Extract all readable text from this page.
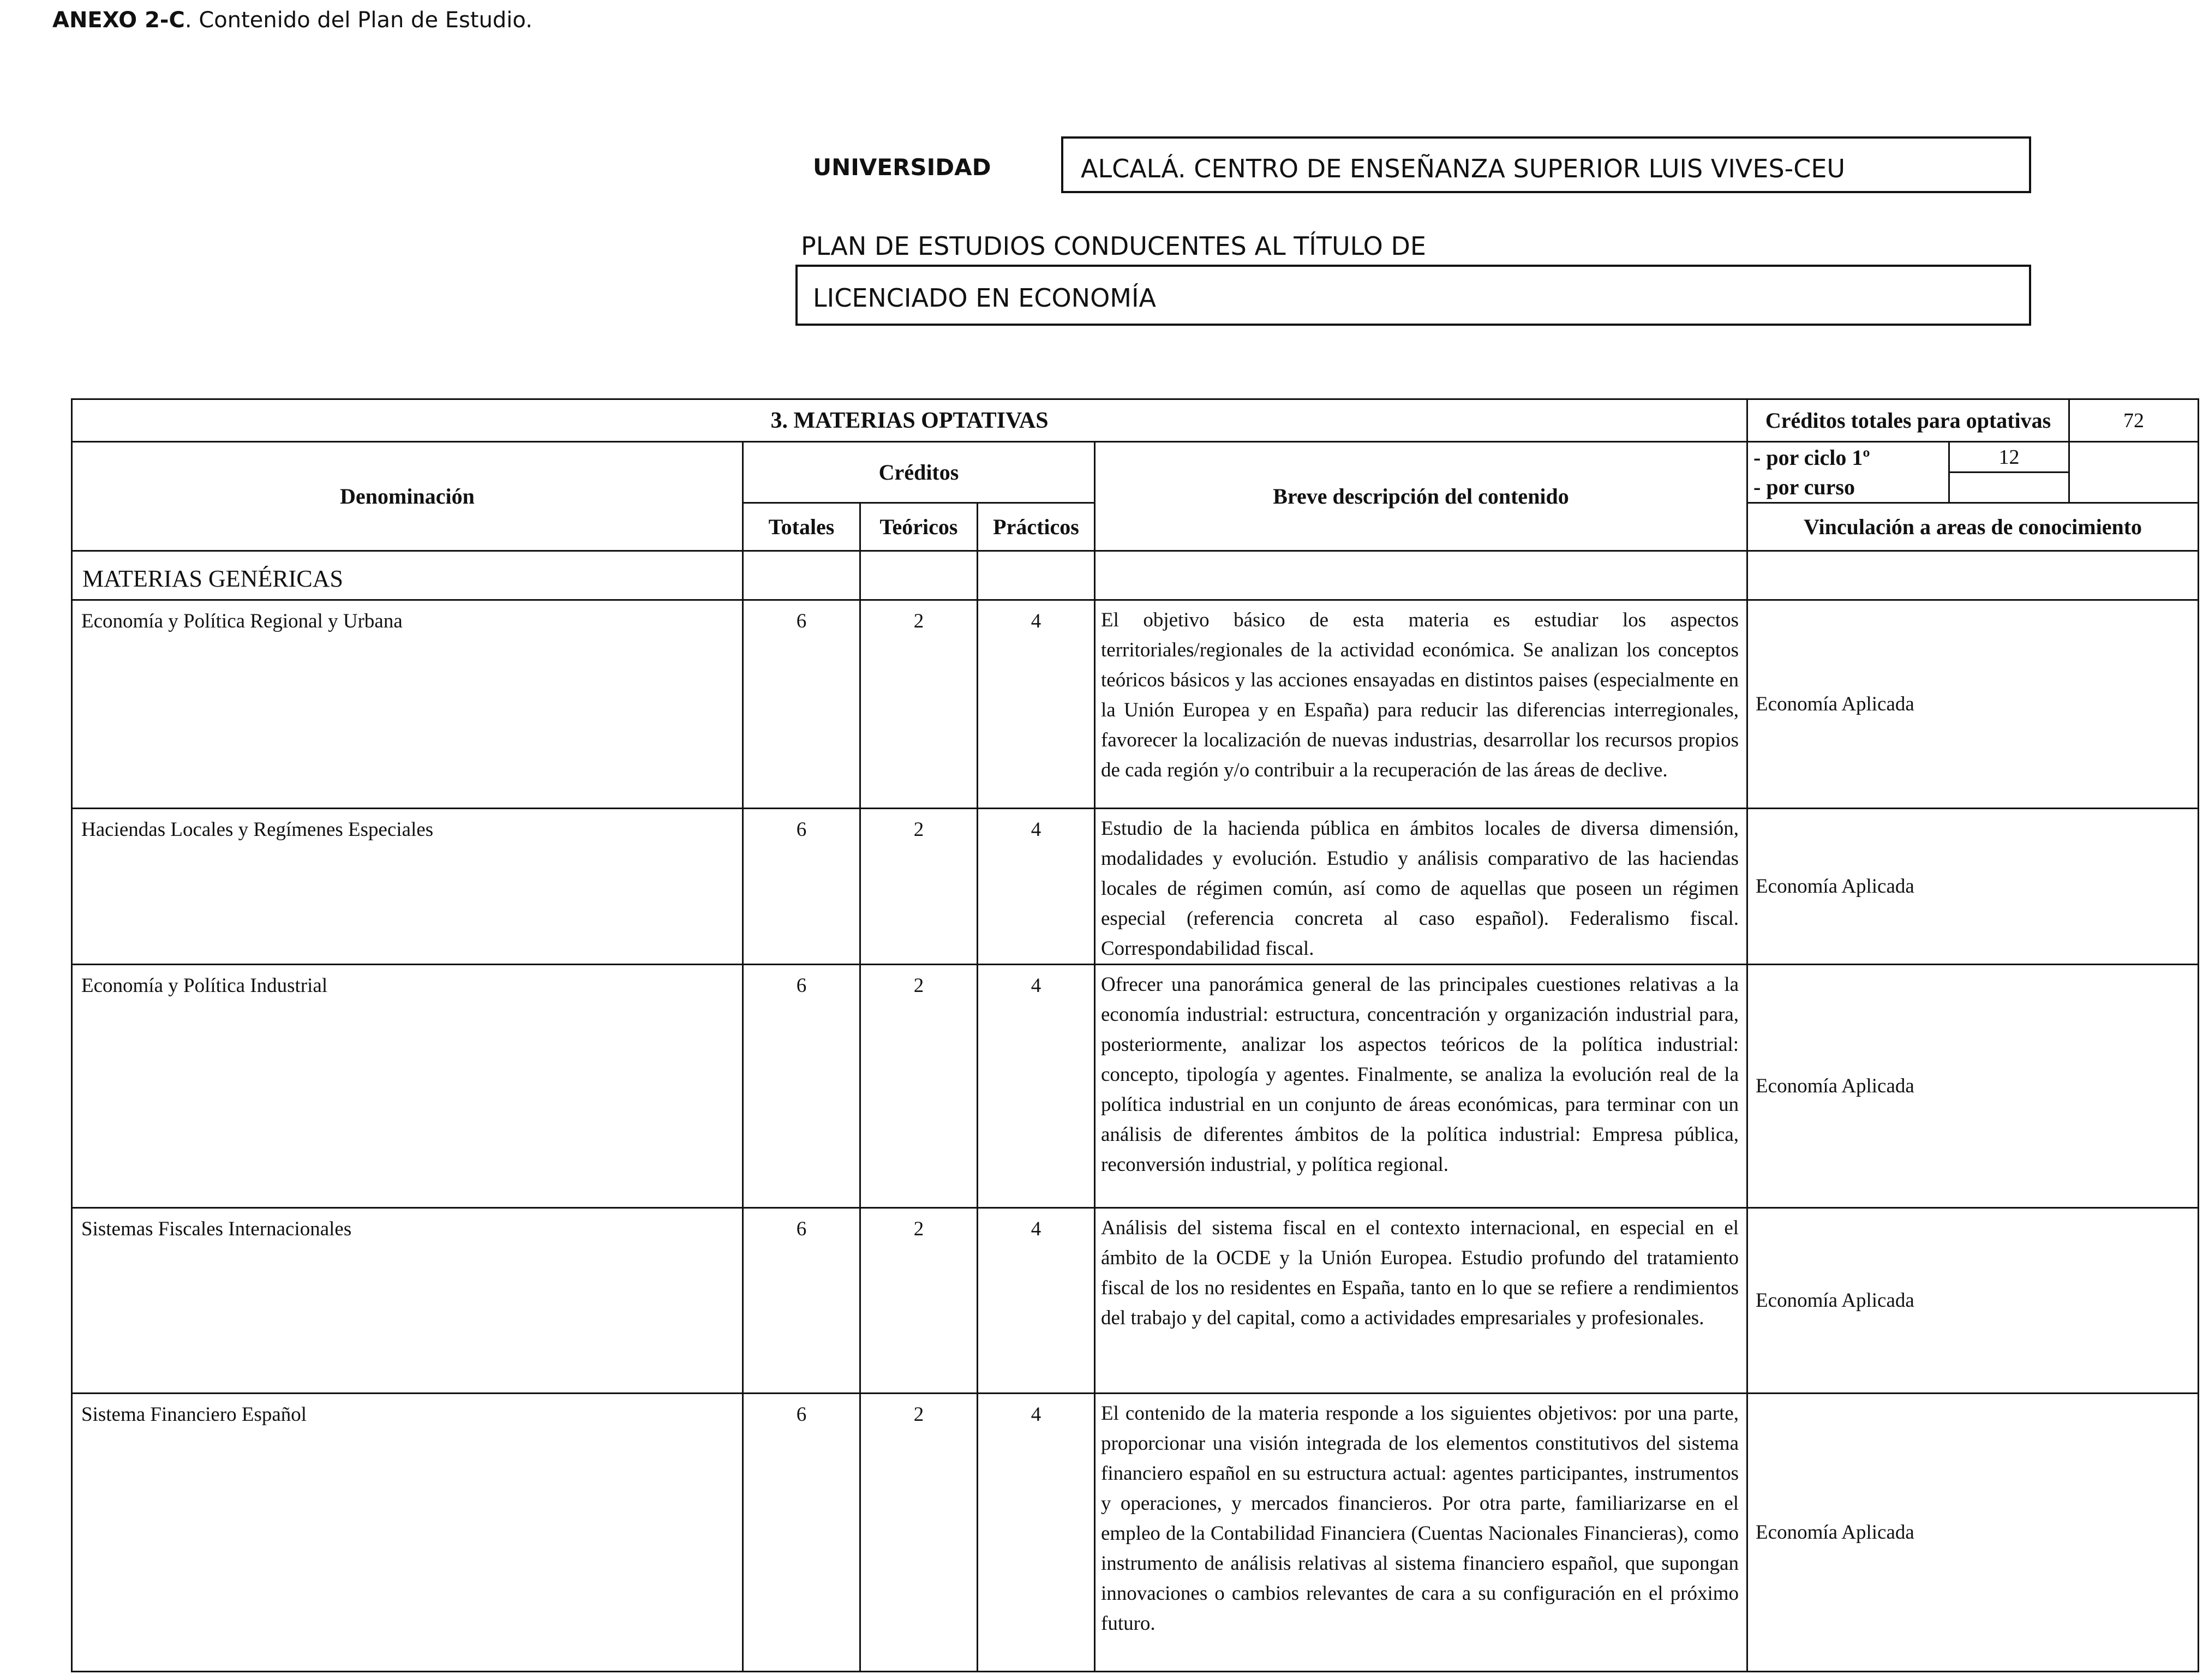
ANEXO 2-C. Contenido del Plan de Estudio.
UNIVERSIDAD	ALCALÁ. CENTRO DE ENSEÑANZA SUPERIOR LUIS VIVES-CEU
PLAN DE ESTUDIOS CONDUCENTES AL TÍTULO DE
LICENCIADO EN ECONOMÍA
3. MATERIAS OPTATIVAS					Créditos totales para optativas		72
Denominación	Créditos			Breve descripción del contenido	- por ciclo 1º	12	
					- por curso		
	Totales	Teóricos	Prácticos		Vinculación a areas de conocimiento		
MATERIAS GENÉRICAS							
Economía y Política Regional y Urbana	6	2	4	El objetivo básico de esta materia es estudiar los aspectos territoriales/regionales de la actividad económica. Se analizan los conceptos teóricos básicos y las acciones ensayadas en distintos paises (especialmente en la Unión Europea y en España) para reducir las diferencias interregionales, favorecer la localización de nuevas industrias, desarrollar los recursos propios de cada región y/o contribuir a la recuperación de las áreas de declive.	Economía Aplicada		
Haciendas Locales y Regímenes Especiales	6	2	4	Estudio de la hacienda pública en ámbitos locales de diversa dimensión, modalidades y evolución. Estudio y análisis comparativo de las haciendas locales de régimen común, así como de aquellas que poseen un régimen especial (referencia concreta al caso español). Federalismo fiscal. Correspondabilidad fiscal.	Economía Aplicada		
Economía y Política Industrial	6	2	4	Ofrecer una panorámica general de las principales cuestiones relativas a la economía industrial: estructura, concentración y organización industrial para, posteriormente, analizar los aspectos teóricos de la política industrial: concepto, tipología y agentes. Finalmente, se analiza la evolución real de la política industrial en un conjunto de áreas económicas, para terminar con un análisis de diferentes ámbitos de la política industrial: Empresa pública, reconversión industrial, y política regional.	Economía Aplicada		
Sistemas Fiscales Internacionales	6	2	4	Análisis del sistema fiscal en el contexto internacional, en especial en el ámbito de la OCDE y la Unión Europea. Estudio profundo del tratamiento fiscal de los no residentes en España, tanto en lo que se refiere a rendimientos del trabajo y del capital, como a actividades empresariales y profesionales.	Economía Aplicada		
Sistema Financiero Español	6	2	4	El contenido de la materia responde a los siguientes objetivos: por una parte, proporcionar una visión integrada de los elementos constitutivos del sistema financiero español en su estructura actual: agentes participantes, instrumentos y operaciones, y mercados financieros. Por otra parte, familiarizarse en el empleo de la Contabilidad Financiera (Cuentas Nacionales Financieras), como instrumento de análisis relativas al sistema financiero español, que supongan innovaciones o cambios relevantes de cara a su configuración en el próximo futuro.	Economía Aplicada		
